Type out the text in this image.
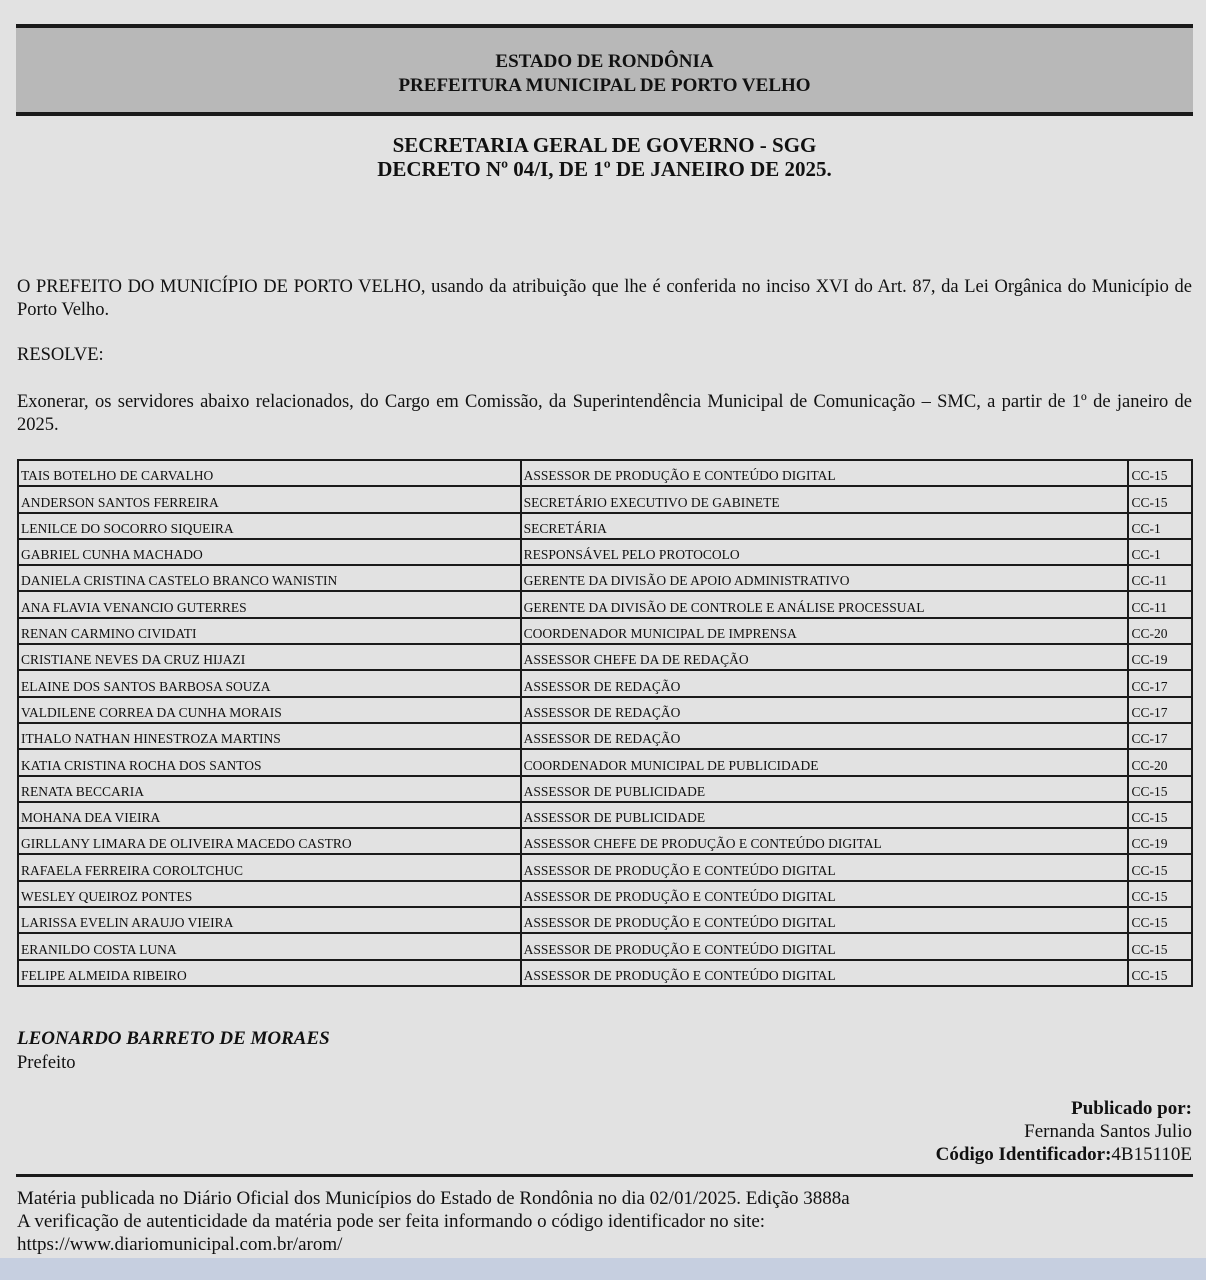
ESTADO DE RONDÔNIA
PREFEITURA MUNICIPAL DE PORTO VELHO
SECRETARIA GERAL DE GOVERNO - SGG
DECRETO Nº 04/I, DE 1º DE JANEIRO DE 2025.
O PREFEITO DO MUNICÍPIO DE PORTO VELHO, usando da atribuição que lhe é conferida no inciso XVI do Art. 87, da Lei Orgânica do Município de Porto Velho.
RESOLVE:
Exonerar, os servidores abaixo relacionados, do Cargo em Comissão, da Superintendência Municipal de Comunicação – SMC, a partir de 1º de janeiro de 2025.
TAIS BOTELHO DE CARVALHO	ASSESSOR DE PRODUÇÃO E CONTEÚDO DIGITAL	CC-15
ANDERSON SANTOS FERREIRA	SECRETÁRIO EXECUTIVO DE GABINETE	CC-15
LENILCE DO SOCORRO SIQUEIRA	SECRETÁRIA	CC-1
GABRIEL CUNHA MACHADO	RESPONSÁVEL PELO PROTOCOLO	CC-1
DANIELA CRISTINA CASTELO BRANCO WANISTIN	GERENTE DA DIVISÃO DE APOIO ADMINISTRATIVO	CC-11
ANA FLAVIA VENANCIO GUTERRES	GERENTE DA DIVISÃO DE CONTROLE E ANÁLISE PROCESSUAL	CC-11
RENAN CARMINO CIVIDATI	COORDENADOR MUNICIPAL DE IMPRENSA	CC-20
CRISTIANE NEVES DA CRUZ HIJAZI	ASSESSOR CHEFE DA DE REDAÇÃO	CC-19
ELAINE DOS SANTOS BARBOSA SOUZA	ASSESSOR DE REDAÇÃO	CC-17
VALDILENE CORREA DA CUNHA MORAIS	ASSESSOR DE REDAÇÃO	CC-17
ITHALO NATHAN HINESTROZA MARTINS	ASSESSOR DE REDAÇÃO	CC-17
KATIA CRISTINA ROCHA DOS SANTOS	COORDENADOR MUNICIPAL DE PUBLICIDADE	CC-20
RENATA BECCARIA	ASSESSOR DE PUBLICIDADE	CC-15
MOHANA DEA VIEIRA	ASSESSOR DE PUBLICIDADE	CC-15
GIRLLANY LIMARA DE OLIVEIRA MACEDO CASTRO	ASSESSOR CHEFE DE PRODUÇÃO E CONTEÚDO DIGITAL	CC-19
RAFAELA FERREIRA COROLTCHUC	ASSESSOR DE PRODUÇÃO E CONTEÚDO DIGITAL	CC-15
WESLEY QUEIROZ PONTES	ASSESSOR DE PRODUÇÃO E CONTEÚDO DIGITAL	CC-15
LARISSA EVELIN ARAUJO VIEIRA	ASSESSOR DE PRODUÇÃO E CONTEÚDO DIGITAL	CC-15
ERANILDO COSTA LUNA	ASSESSOR DE PRODUÇÃO E CONTEÚDO DIGITAL	CC-15
FELIPE ALMEIDA RIBEIRO	ASSESSOR DE PRODUÇÃO E CONTEÚDO DIGITAL	CC-15
LEONARDO BARRETO DE MORAES
Prefeito
Publicado por:
Fernanda Santos Julio
Código Identificador:4B15110E
Matéria publicada no Diário Oficial dos Municípios do Estado de Rondônia no dia 02/01/2025. Edição 3888a
A verificação de autenticidade da matéria pode ser feita informando o código identificador no site:
https://www.diariomunicipal.com.br/arom/
